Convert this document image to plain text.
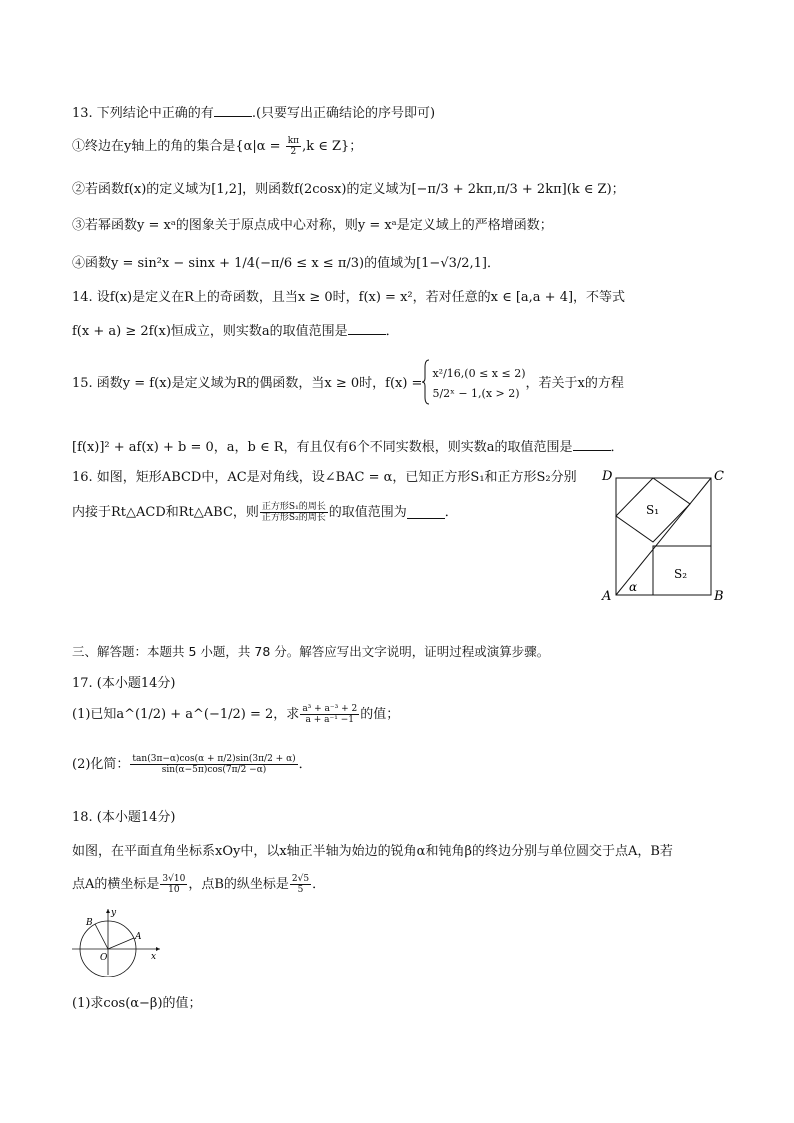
13. 下列结论中正确的有	.(只要写出正确结论的序号即可)
①终边在y轴上的角的集合是{$\alpha|\alpha = \frac{k\pi}{2} ,k$ ∈ Z}；
②若函数f(x)的定义域为[1,2]，则函数f(2cosx)的定义域为[−π/3 + 2kπ,π/3 + 2kπ](k ∈ Z)；
③若幂函数y = xᵃ的图象关于原点成中心对称，则y = xᵃ是定义域上的严格增函数；
④函数y = sin²x − sinx + 1/4(−π/6 ≤ x ≤ π/3)的值域为[1−√3/2,1]．
14. 设f(x)是定义在R上的奇函数，且当x ≥ 0时，f(x) = x²，若对任意的x ∈ [a,a + 4]，不等式
f(x + a) ≥ 2f(x)恒成立，则实数a的取值范围是	．
15. 函数y = f(x)是定义域为R的偶函数，当x ≥ 0时，f(x) =
x²/16,(0 ≤ x ≤ 2)
5/2ˣ − 1,(x > 2)
，若关于x的方程
[f(x)]² + af(x) + b = 0，a，b ∈ R，有且仅有6个不同实数根，则实数a的取值范围是	．
16. 如图，矩形ABCD中，AC是对角线，设∠BAC = α，已知正方形S₁和正方形S₂分别
内接于Rt△ACD和Rt△ABC，则 $\frac{\text{正方形S₁的周长}}{\text{正方形S₂的周长}}$ 的取值范围为	．
D	C
A	B
S₁
S₂
α
三、解答题：本题共 5 小题，共 78 分。解答应写出文字说明，证明过程或演算步骤。
17. (本小题14分)
(1)已知a^(1/2) + a^(−1/2) = 2，求 $\frac{\text{a³ + a⁻³ + 2}}{\text{a + a⁻¹ −1}}$ 的值；
(2)化简： $\frac{\tan(3\pi-\alpha)\cos(\alpha + \pi/2)\sin(3\pi/2 + \alpha)}{\sin(\alpha-5\pi)\cos(7\pi/2 -\alpha)}$ ．
18. (本小题14分)
如图，在平面直角坐标系xOy中，以x轴正半轴为始边的锐角α和钝角β的终边分别与单位圆交于点A，B若
点A的横坐标是 $\frac{3√10}{10}$ ，点B的纵坐标是 $\frac{2√5}{5}$ ．
B
y
A
O	x
(1)求cos(α−β)的值；
